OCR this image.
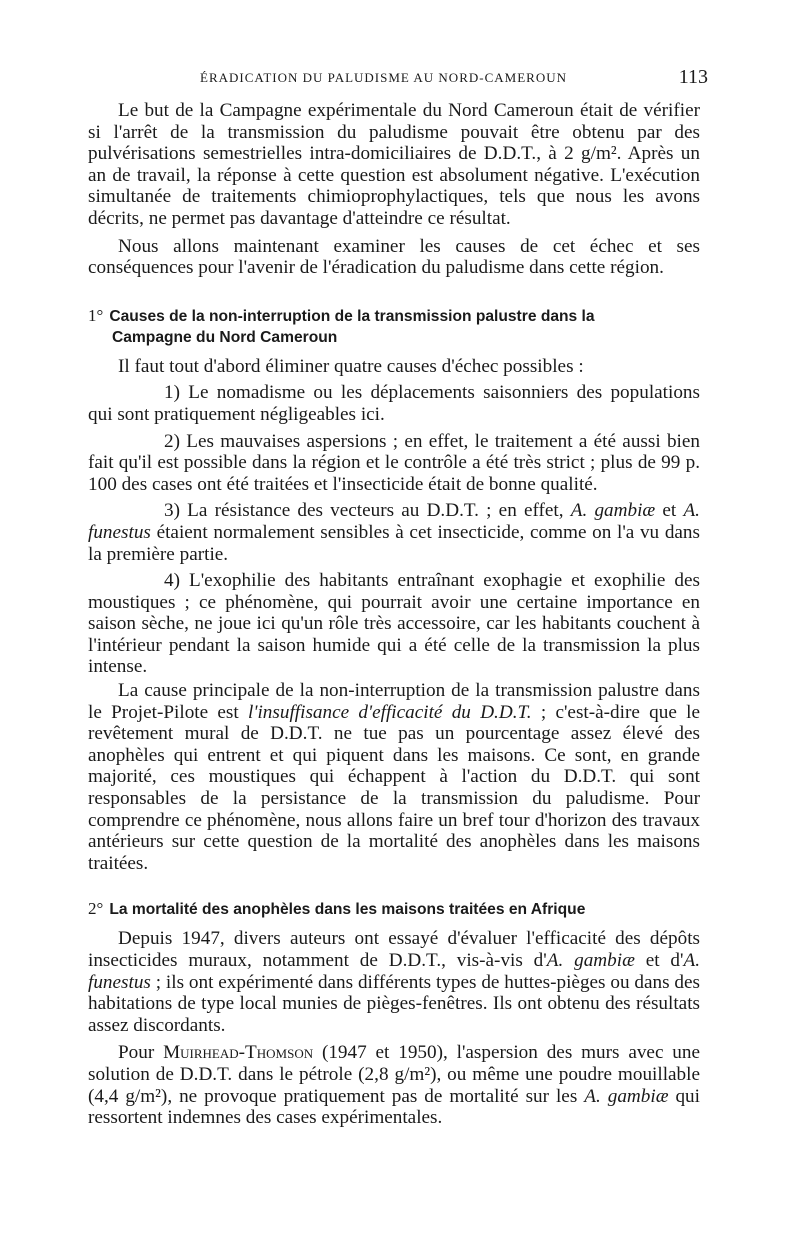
ÉRADICATION DU PALUDISME AU NORD-CAMEROUN	113

Le but de la Campagne expérimentale du Nord Cameroun était de vérifier si l'arrêt de la transmission du paludisme pouvait être obtenu par des pulvérisations semestrielles intra-domiciliaires de D.D.T., à 2 g/m². Après un an de travail, la réponse à cette question est absolument négative. L'exécution simultanée de traitements chimioprophylactiques, tels que nous les avons décrits, ne permet pas davantage d'atteindre ce résultat.

Nous allons maintenant examiner les causes de cet échec et ses conséquences pour l'avenir de l'éradication du paludisme dans cette région.

1° Causes de la non-interruption de la transmission palustre dans la
Campagne du Nord Cameroun

Il faut tout d'abord éliminer quatre causes d'échec possibles :

1) Le nomadisme ou les déplacements saisonniers des populations qui sont pratiquement négligeables ici.

2) Les mauvaises aspersions ; en effet, le traitement a été aussi bien fait qu'il est possible dans la région et le contrôle a été très strict ; plus de 99 p. 100 des cases ont été traitées et l'insecticide était de bonne qualité.

3) La résistance des vecteurs au D.D.T. ; en effet, A. gambiæ et A. funestus étaient normalement sensibles à cet insecticide, comme on l'a vu dans la première partie.

4) L'exophilie des habitants entraînant exophagie et exophilie des moustiques ; ce phénomène, qui pourrait avoir une certaine importance en saison sèche, ne joue ici qu'un rôle très accessoire, car les habitants couchent à l'intérieur pendant la saison humide qui a été celle de la transmission la plus intense.

La cause principale de la non-interruption de la transmission palustre dans le Projet-Pilote est l'insuffisance d'efficacité du D.D.T. ; c'est-à-dire que le revêtement mural de D.D.T. ne tue pas un pourcentage assez élevé des anophèles qui entrent et qui piquent dans les maisons. Ce sont, en grande majorité, ces moustiques qui échappent à l'action du D.D.T. qui sont responsables de la persistance de la transmission du paludisme. Pour comprendre ce phénomène, nous allons faire un bref tour d'horizon des travaux antérieurs sur cette question de la mortalité des anophèles dans les maisons traitées.

2° La mortalité des anophèles dans les maisons traitées en Afrique

Depuis 1947, divers auteurs ont essayé d'évaluer l'efficacité des dépôts insecticides muraux, notamment de D.D.T., vis-à-vis d'A. gambiæ et d'A. funestus ; ils ont expérimenté dans différents types de huttes-pièges ou dans des habitations de type local munies de pièges-fenêtres. Ils ont obtenu des résultats assez discordants.

Pour Muirhead-Thomson (1947 et 1950), l'aspersion des murs avec une solution de D.D.T. dans le pétrole (2,8 g/m²), ou même une poudre mouillable (4,4 g/m²), ne provoque pratiquement pas de mortalité sur les A. gambiæ qui ressortent indemnes des cases expérimentales.
